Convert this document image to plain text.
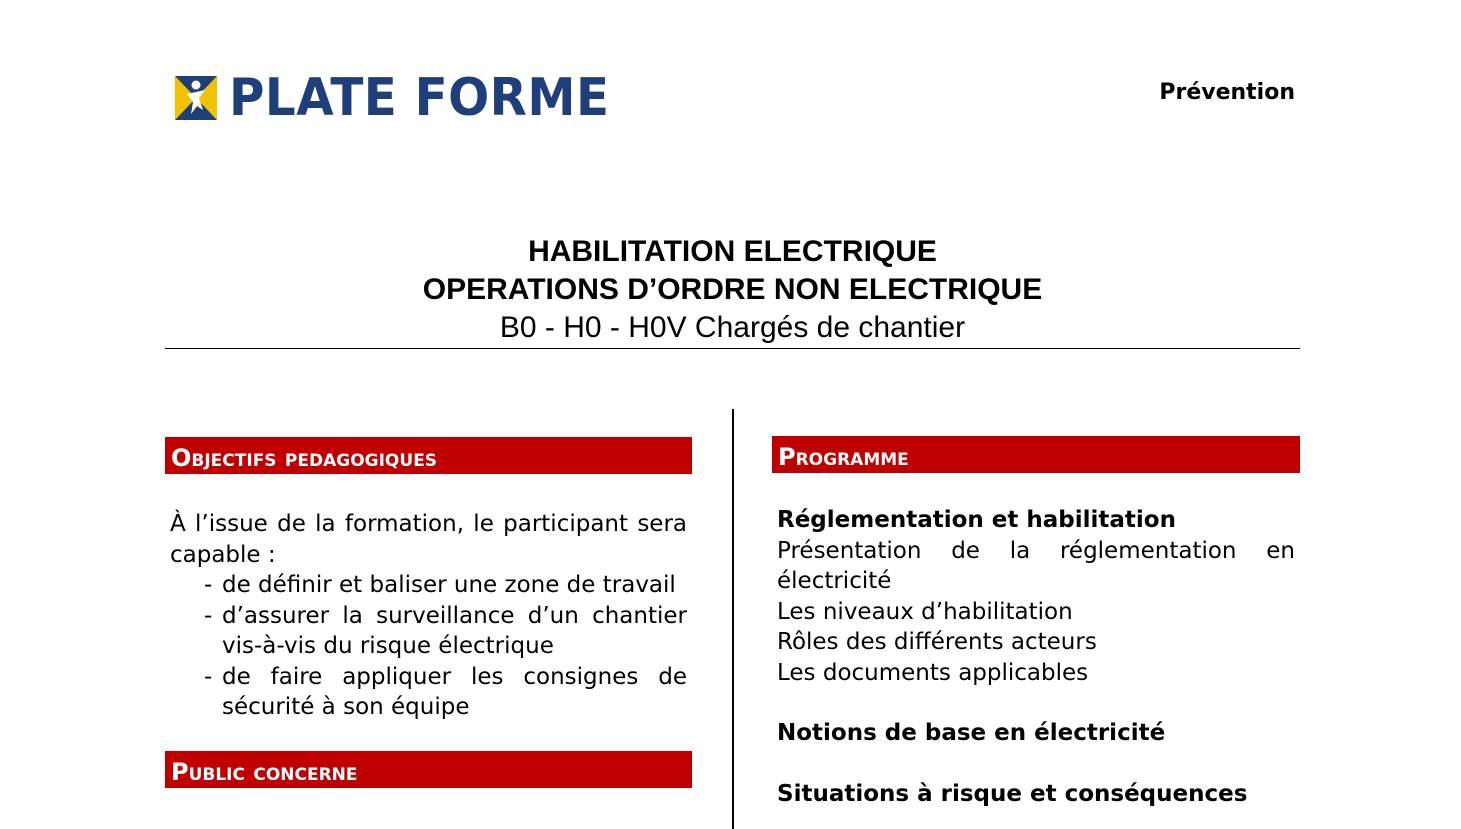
PLATE FORME	Prévention
HABILITATION ELECTRIQUE
OPERATIONS D’ORDRE NON ELECTRIQUE
B0 - H0 - H0V Chargés de chantier
Objectifs pedagogiques

À l’issue de la formation, le participant sera capable :

- de définir et baliser une zone de travail
- d’assurer la surveillance d’un chantier vis-à-vis du risque électrique
- de faire appliquer les consignes de sécurité à son équipe
Public concerne
Programme

Réglementation et habilitation

Présentation de la réglementation en électricité

Les niveaux d’habilitation

Rôles des différents acteurs

Les documents applicables

Notions de base en électricité

Situations à risque et conséquences
